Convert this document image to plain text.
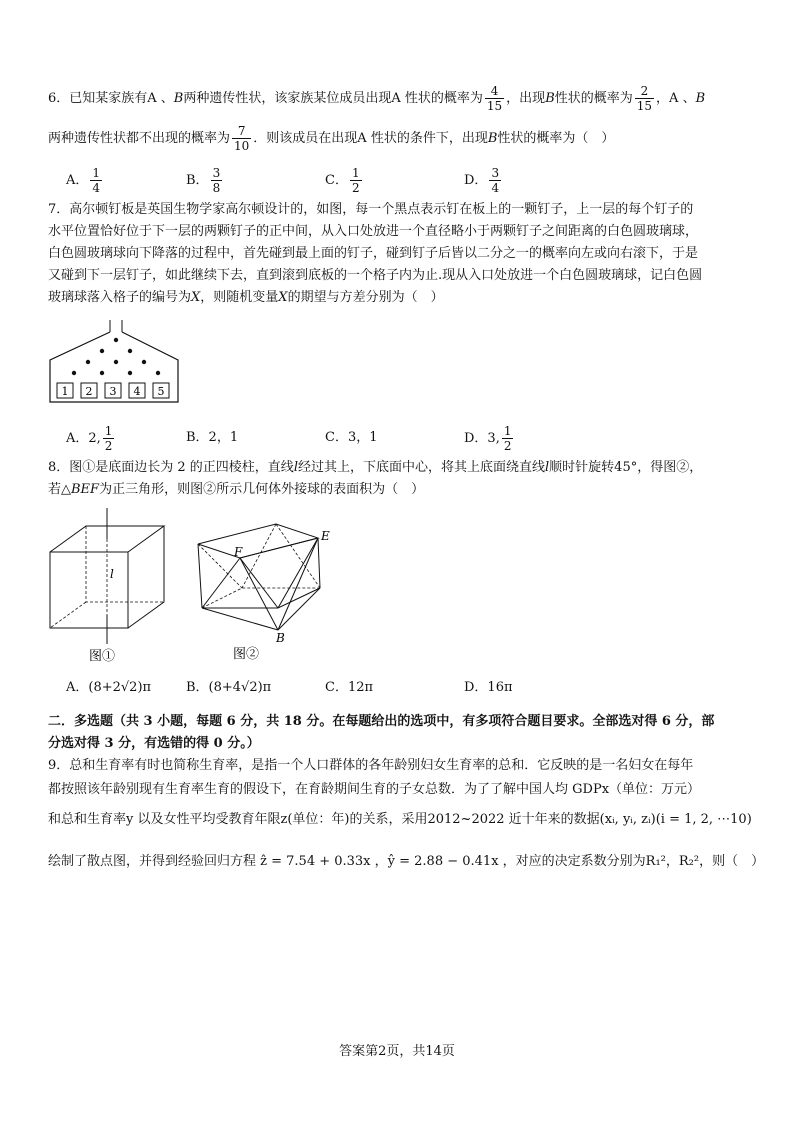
6．已知某家族有A 、B两种遗传性状，该家族某位成员出现A 性状的概率为 $\frac{4}{15}$ ，出现B性状的概率为 $\frac{2}{15}$ ，A 、B
两种遗传性状都不出现的概率为 $\frac{7}{10}$ ．则该成员在出现A 性状的条件下，出现B性状的概率为（　）
A． $\frac{1}{4}$	B． $\frac{3}{8}$	C． $\frac{1}{2}$	D． $\frac{3}{4}$
7．高尔顿钉板是英国生物学家高尔顿设计的，如图，每一个黑点表示钉在板上的一颗钉子，上一层的每个钉子的
水平位置恰好位于下一层的两颗钉子的正中间，从入口处放进一个直径略小于两颗钉子之间距离的白色圆玻璃球，
白色圆玻璃球向下降落的过程中，首先碰到最上面的钉子，碰到钉子后皆以二分之一的概率向左或向右滚下，于是
又碰到下一层钉子，如此继续下去，直到滚到底板的一个格子内为止.现从入口处放进一个白色圆玻璃球，记白色圆
玻璃球落入格子的编号为X，则随机变量X的期望与方差分别为（　）
1 2 3 4 5
A．2, $\frac{1}{2}$	B．2，1	C．3，1	D．3, $\frac{1}{2}$
8．图①是底面边长为 2 的正四棱柱，直线l经过其上，下底面中心，将其上底面绕直线l顺时针旋转45°，得图②，
若△BEF为正三角形，则图②所示几何体外接球的表面积为（　）
l
图①
F
E
B
图②
A．(8+2√2)π	B．(8+4√2)π	C．12π	D．16π
二．多选题（共 3 小题，每题 6 分，共 18 分。在每题给出的选项中，有多项符合题目要求。全部选对得 6 分，部
分选对得 3 分，有选错的得 0 分。）
9．总和生育率有时也简称生育率，是指一个人口群体的各年龄别妇女生育率的总和．它反映的是一名妇女在每年
都按照该年龄别现有生育率生育的假设下，在育龄期间生育的子女总数．为了了解中国人均 GDPx（单位：万元）
和总和生育率y 以及女性平均受教育年限z(单位：年)的关系，采用2012~2022 近十年来的数据(xᵢ, yᵢ, zᵢ)(i = 1, 2, ⋯10)
绘制了散点图，并得到经验回归方程 ẑ = 7.54 + 0.33x ，ŷ = 2.88 − 0.41x ，对应的决定系数分别为R₁²，R₂²，则（　）
答案第2页，共14页
